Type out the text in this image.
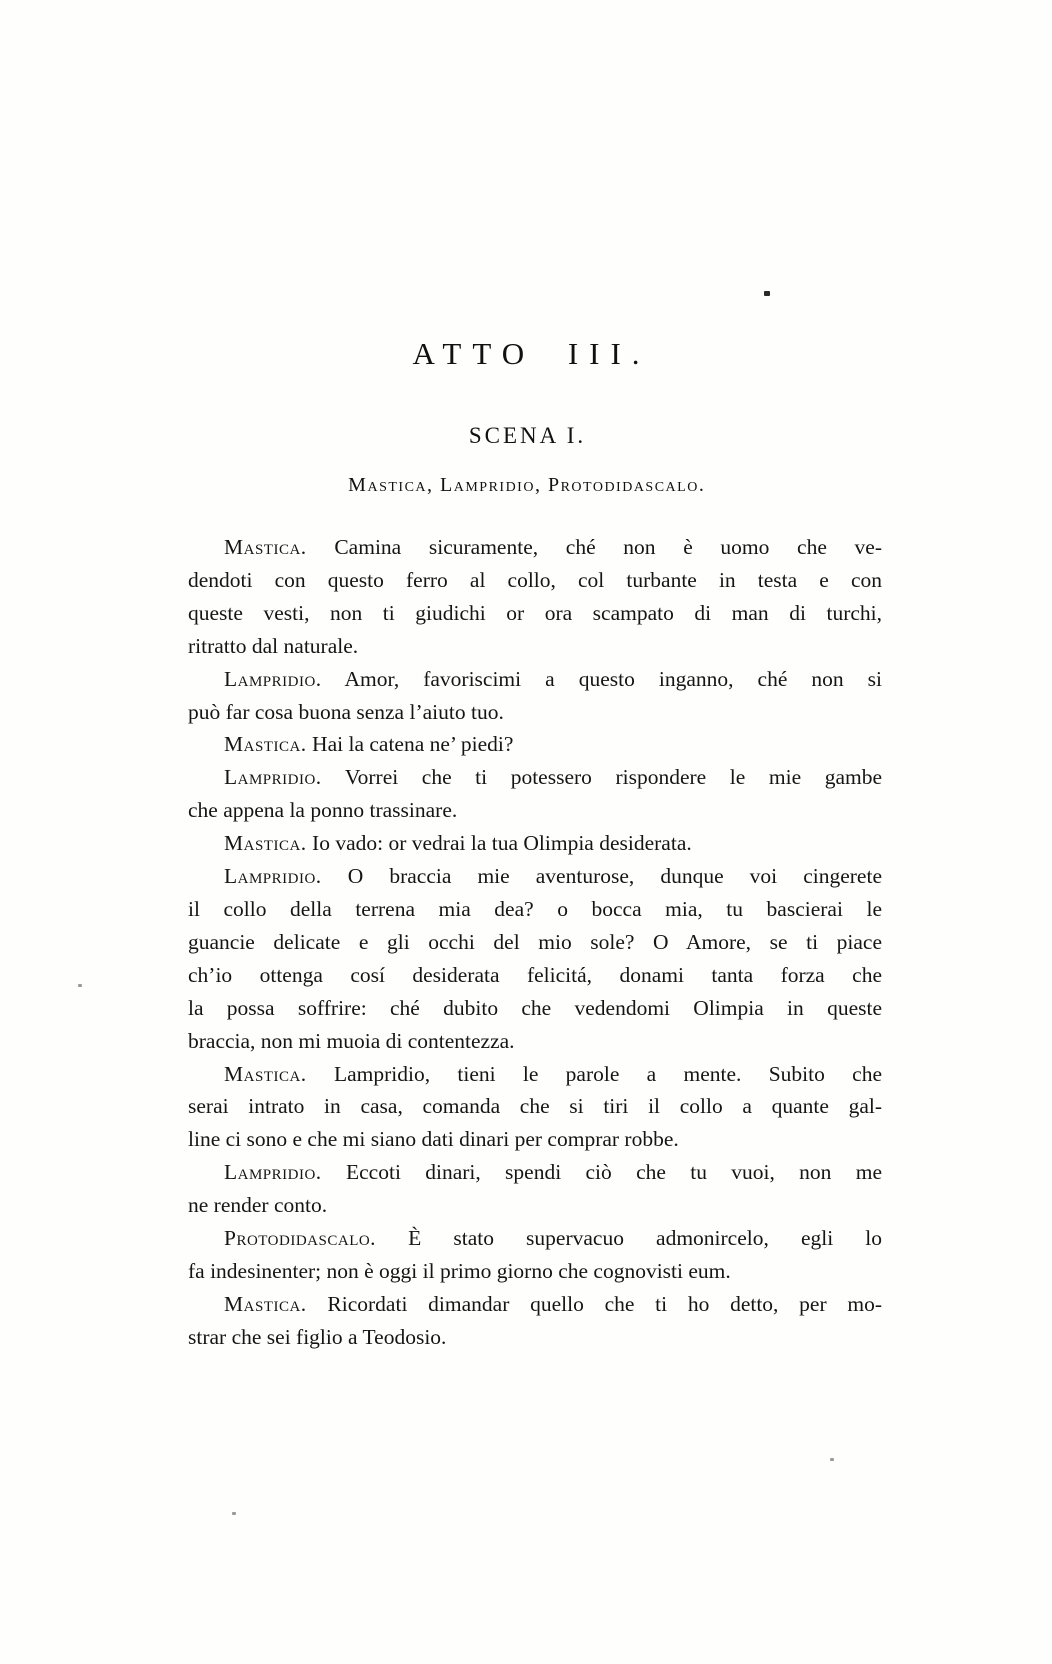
ATTO III.
SCENA I.
Mastica, Lampridio, Protodidascalo.
Mastica. Camina sicuramente, ché non è uomo che ve-
dendoti con questo ferro al collo, col turbante in testa e con
queste vesti, non ti giudichi or ora scampato di man di turchi,
ritratto dal naturale.
Lampridio. Amor, favoriscimi a questo inganno, ché non si
può far cosa buona senza l’aiuto tuo.
Mastica. Hai la catena ne’ piedi?
Lampridio. Vorrei che ti potessero rispondere le mie gambe
che appena la ponno trassinare.
Mastica. Io vado: or vedrai la tua Olimpia desiderata.
Lampridio. O braccia mie aventurose, dunque voi cingerete
il collo della terrena mia dea? o bocca mia, tu bascierai le
guancie delicate e gli occhi del mio sole? O Amore, se ti piace
ch’io ottenga cosí desiderata felicitá, donami tanta forza che
la possa soffrire: ché dubito che vedendomi Olimpia in queste
braccia, non mi muoia di contentezza.
Mastica. Lampridio, tieni le parole a mente. Subito che
serai intrato in casa, comanda che si tiri il collo a quante gal-
line ci sono e che mi siano dati dinari per comprar robbe.
Lampridio. Eccoti dinari, spendi ciò che tu vuoi, non me
ne render conto.
Protodidascalo. È stato supervacuo admonircelo, egli lo
fa indesinenter; non è oggi il primo giorno che cognovisti eum.
Mastica. Ricordati dimandar quello che ti ho detto, per mo-
strar che sei figlio a Teodosio.
